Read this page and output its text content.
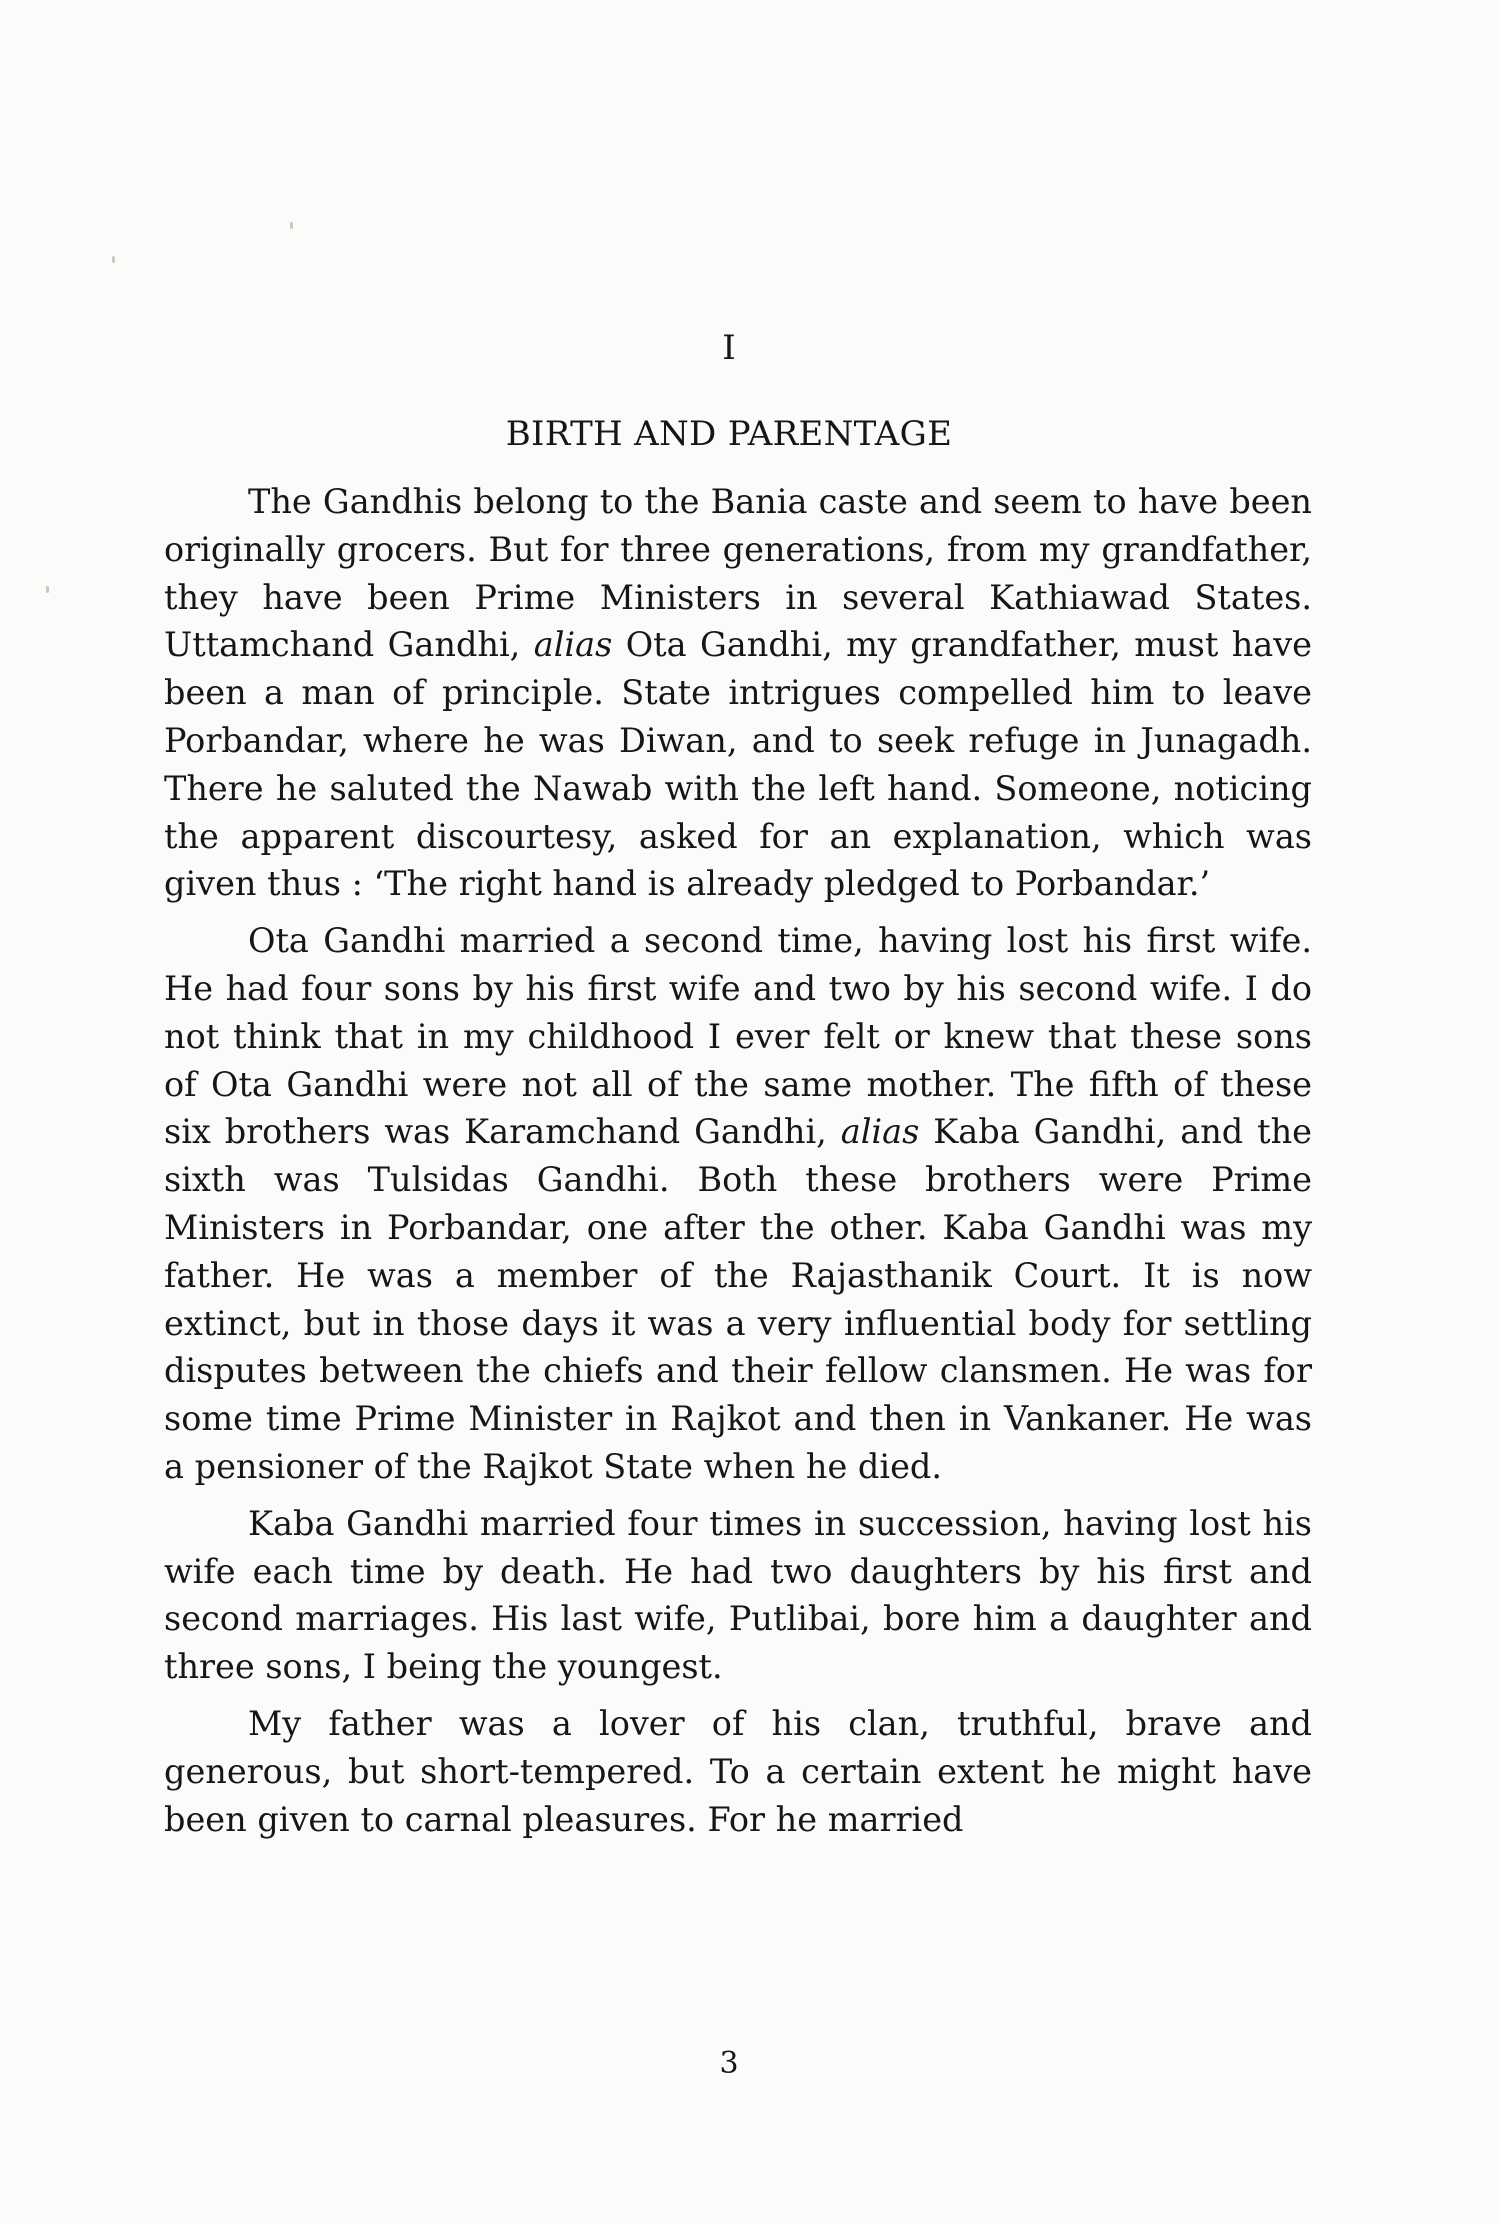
I
BIRTH AND PARENTAGE

The Gandhis belong to the Bania caste and seem to have been originally grocers. But for three generations, from my grandfather, they have been Prime Ministers in several Kathiawad States. Uttamchand Gandhi, alias Ota Gandhi, my grandfather, must have been a man of principle. State intrigues compelled him to leave Porbandar, where he was Diwan, and to seek refuge in Junagadh. There he saluted the Nawab with the left hand. Someone, noticing the apparent discourtesy, asked for an explanation, which was given thus : ‘The right hand is already pledged to Porbandar.’

Ota Gandhi married a second time, having lost his first wife. He had four sons by his first wife and two by his second wife. I do not think that in my childhood I ever felt or knew that these sons of Ota Gandhi were not all of the same mother. The fifth of these six brothers was Karamchand Gandhi, alias Kaba Gandhi, and the sixth was Tulsidas Gandhi. Both these brothers were Prime Ministers in Porbandar, one after the other. Kaba Gandhi was my father. He was a member of the Rajasthanik Court. It is now extinct, but in those days it was a very influential body for settling disputes between the chiefs and their fellow clansmen. He was for some time Prime Minister in Rajkot and then in Vankaner. He was a pensioner of the Rajkot State when he died.

Kaba Gandhi married four times in succession, having lost his wife each time by death. He had two daughters by his first and second marriages. His last wife, Putlibai, bore him a daughter and three sons, I being the youngest.

My father was a lover of his clan, truthful, brave and generous, but short-tempered. To a certain extent he might have been given to carnal pleasures. For he married

3
